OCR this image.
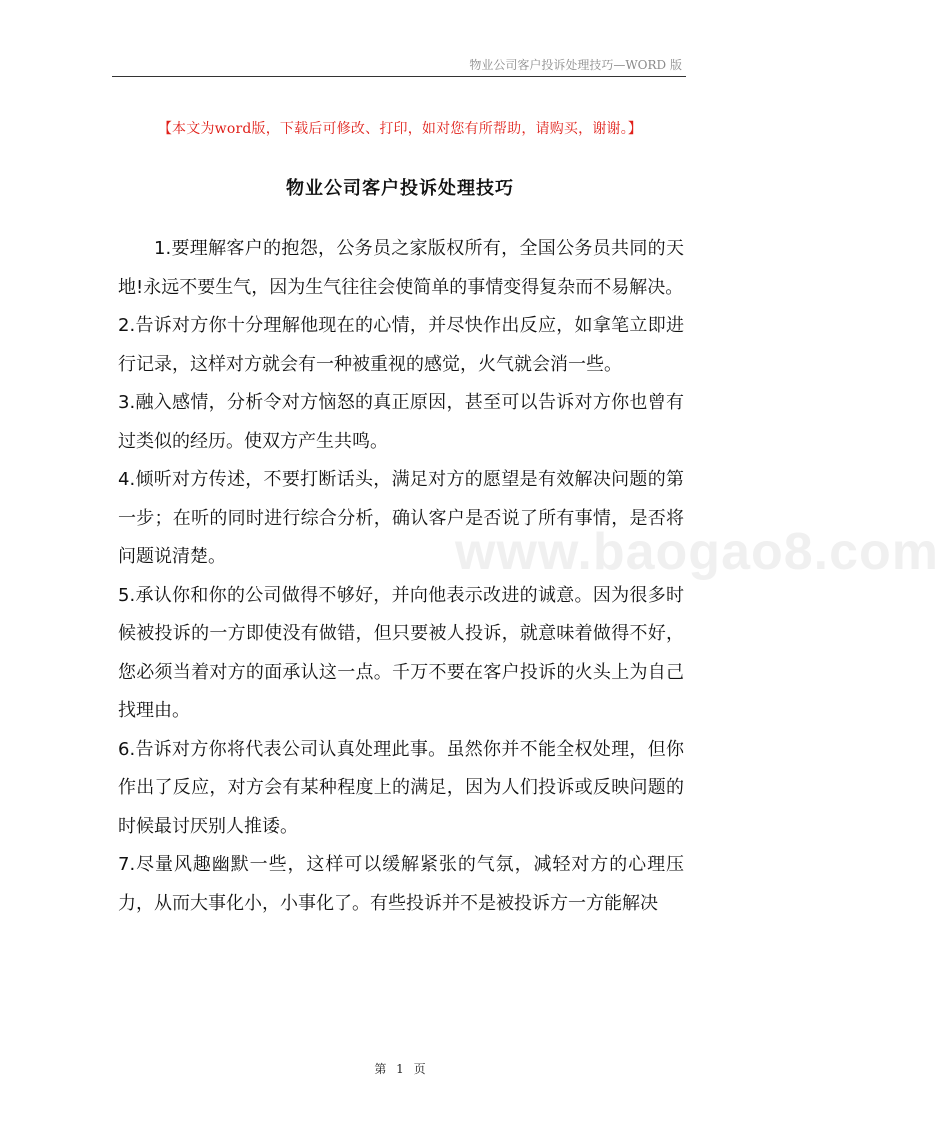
物业公司客户投诉处理技巧—WORD 版
【本文为word版，下载后可修改、打印，如对您有所帮助，请购买，谢谢。】
物业公司客户投诉处理技巧
www.baogao8.com

1.要理解客户的抱怨，公务员之家版权所有，全国公务员共同的天地!永远不要生气，因为生气往往会使简单的事情变得复杂而不易解决。

2.告诉对方你十分理解他现在的心情，并尽快作出反应，如拿笔立即进行记录，这样对方就会有一种被重视的感觉，火气就会消一些。

3.融入感情，分析令对方恼怒的真正原因，甚至可以告诉对方你也曾有过类似的经历。使双方产生共鸣。

4.倾听对方传述，不要打断话头，满足对方的愿望是有效解决问题的第一步；在听的同时进行综合分析，确认客户是否说了所有事情，是否将问题说清楚。

5.承认你和你的公司做得不够好，并向他表示改进的诚意。因为很多时候被投诉的一方即使没有做错，但只要被人投诉，就意味着做得不好，您必须当着对方的面承认这一点。千万不要在客户投诉的火头上为自己找理由。

6.告诉对方你将代表公司认真处理此事。虽然你并不能全权处理，但你作出了反应，对方会有某种程度上的满足，因为人们投诉或反映问题的时候最讨厌别人推诿。

7.尽量风趣幽默一些，这样可以缓解紧张的气氛，减轻对方的心理压力，从而大事化小，小事化了。有些投诉并不是被投诉方一方能解决

第 1 页
